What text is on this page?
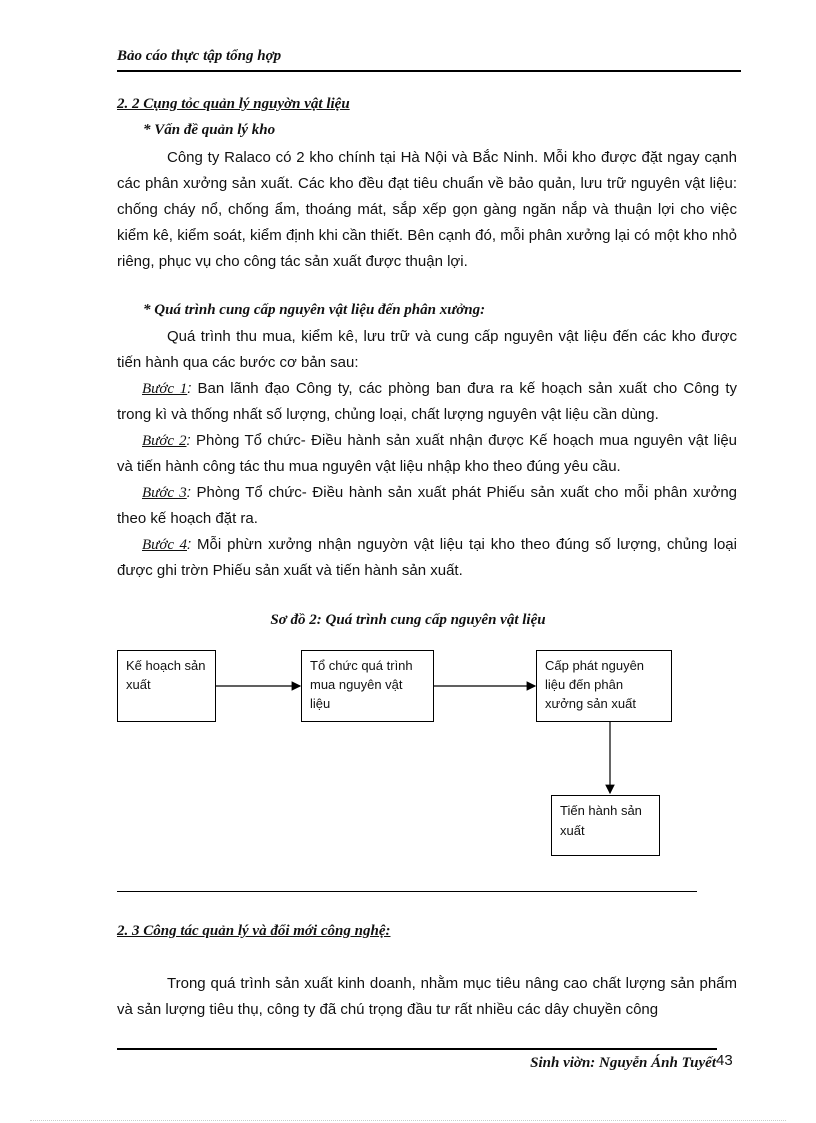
Bảo cáo thực tập tổng hợp
2. 2 Cụng tỏc quản lý nguyờn vật liệu
* Vấn đề quản lý kho
Công ty Ralaco có 2 kho chính tại Hà Nội và Bắc Ninh. Mỗi kho được đặt ngay cạnh các phân xưởng sản xuất. Các kho đều đạt tiêu chuẩn về bảo quản, lưu trữ nguyên vật liệu: chống cháy nổ, chống ẩm, thoáng mát, sắp xếp gọn gàng ngăn nắp và thuận lợi cho việc kiểm kê, kiểm soát, kiểm định khi cần thiết. Bên cạnh đó, mỗi phân xưởng lại có một kho nhỏ riêng, phục vụ cho công tác sản xuất được thuận lợi.
* Quá trình cung cấp nguyên vật liệu đến phân xưởng:
Quá trình thu mua, kiểm kê, lưu trữ và cung cấp nguyên vật liệu đến các kho được tiến hành qua các bước cơ bản sau:
Bước 1: Ban lãnh đạo Công ty, các phòng ban đưa ra kế hoạch sản xuất cho Công ty trong kì và thống nhất số lượng, chủng loại, chất lượng nguyên vật liệu cần dùng.
Bước 2: Phòng Tổ chức- Điều hành sản xuất nhận được Kế hoạch mua nguyên vật liệu và tiến hành công tác thu mua nguyên vật liệu nhập kho theo đúng yêu cầu.
Bước 3: Phòng Tổ chức- Điều hành sản xuất phát Phiếu sản xuất cho mỗi phân xưởng theo kế hoạch đặt ra.
Bước 4: Mỗi phừn xưởng nhận nguyờn vật liệu tại kho theo đúng số lượng, chủng loại được ghi trờn Phiếu sản xuất và tiến hành sản xuất.
Sơ đồ 2: Quá trình cung cấp nguyên vật liệu
Kế hoạch sản xuất
Tổ chức quá trình mua nguyên vật liệu
Cấp phát nguyên liệu đến phân xưởng sản xuất
Tiến hành sản xuất
2. 3 Công tác quản lý và đổi mới công nghệ:
Trong quá trình sản xuất kinh doanh, nhằm mục tiêu nâng cao chất lượng sản phẩm và sản lượng tiêu thụ, công ty đã chú trọng đầu tư rất nhiều các dây chuyền công
Sinh viờn: Nguyễn Ánh Tuyết 43
